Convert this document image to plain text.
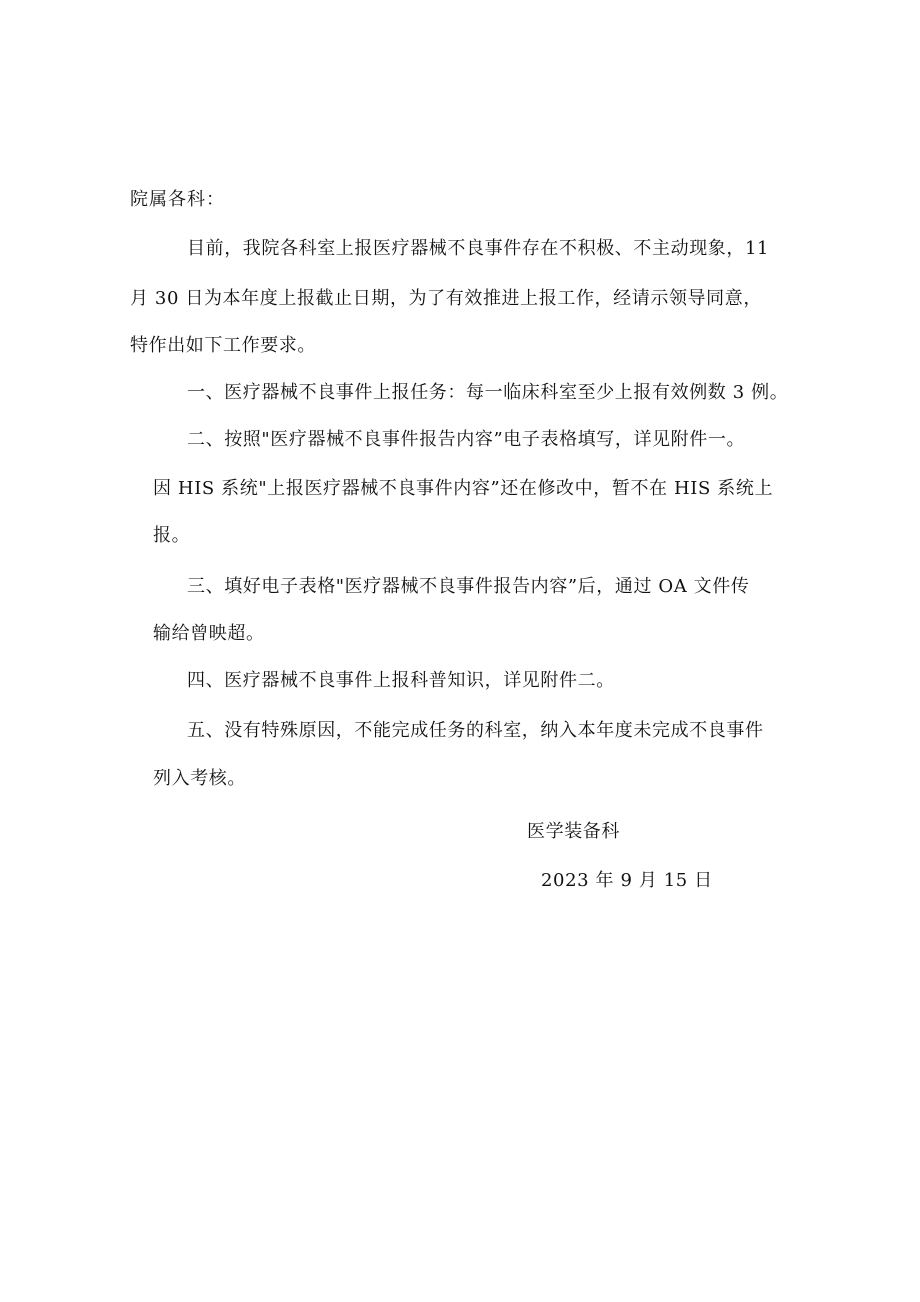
院属各科：
目前，我院各科室上报医疗器械不良事件存在不积极、不主动现象，11
月 30 日为本年度上报截止日期，为了有效推进上报工作，经请示领导同意，
特作出如下工作要求。
一、医疗器械不良事件上报任务：每一临床科室至少上报有效例数 3 例。
二、按照"医疗器械不良事件报告内容”电子表格填写，详见附件一。
因 HIS 系统"上报医疗器械不良事件内容”还在修改中，暂不在 HIS 系统上
报。
三、填好电子表格"医疗器械不良事件报告内容”后，通过 OA 文件传
输给曾映超。
四、医疗器械不良事件上报科普知识，详见附件二。
五、没有特殊原因，不能完成任务的科室，纳入本年度未完成不良事件
列入考核。
医学装备科
2023 年 9 月 15 日
